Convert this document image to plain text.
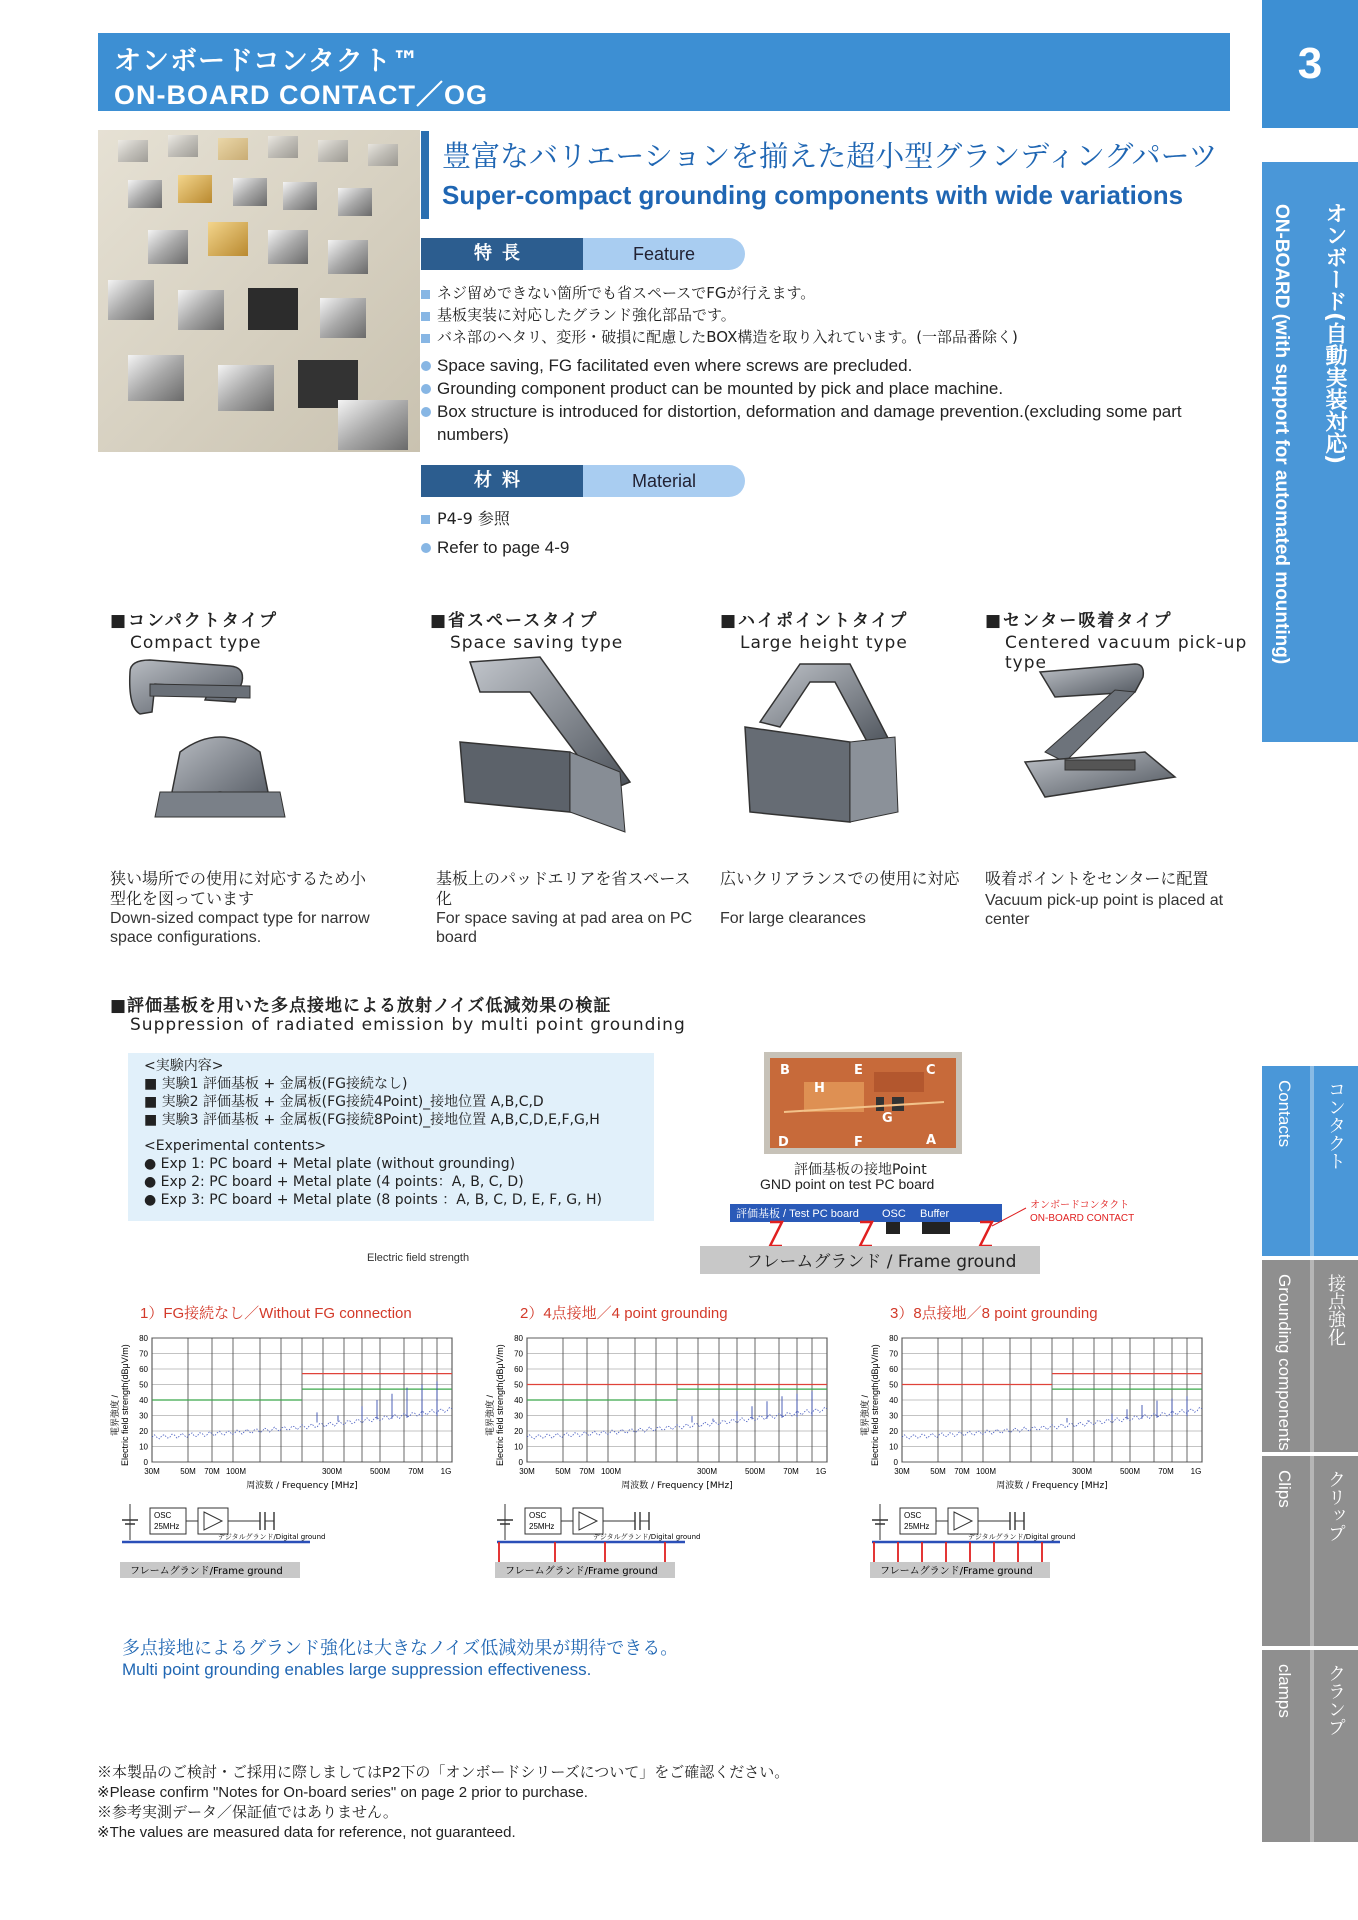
オンボードコンタクト™
ON-BOARD CONTACT／OG
3
オンボード(自動実装対応)
ON-BOARD (with support for automated mounting)
Contacts コンタクト
Grounding components 接点強化
Clips クリップ
clamps クランプ
豊富なバリエーションを揃えた超小型グランディングパーツ
Super-compact grounding components with wide variations
特長	Feature
ネジ留めできない箇所でも省スペースでFGが行えます。
基板実装に対応したグランド強化部品です。
バネ部のヘタリ、変形・破損に配慮したBOX構造を取り入れています。(一部品番除く)
Space saving, FG facilitated even where screws are precluded.
Grounding component product can be mounted by pick and place machine.
Box structure is introduced for distortion, deformation and damage prevention.(excluding some part numbers)
材料	Material
P4-9 参照
Refer to page 4-9
■コンパクトタイプ
Compact type
狭い場所での使用に対応するため小型化を図っています
Down-sized compact type for narrow space configurations.
■省スペースタイプ
Space saving type
基板上のパッドエリアを省スペース化
For space saving at pad area on PC board
■ハイポイントタイプ
Large height type
広いクリアランスでの使用に対応
For large clearances
■センター吸着タイプ
Centered vacuum pick-up type
吸着ポイントをセンターに配置
Vacuum pick-up point is placed at center
■評価基板を用いた多点接地による放射ノイズ低減効果の検証
Suppression of radiated emission by multi point grounding
<実験内容>
■ 実験1 評価基板 + 金属板(FG接続なし)
■ 実験2 評価基板 + 金属板(FG接続4Point)_接地位置 A,B,C,D
■ 実験3 評価基板 + 金属板(FG接続8Point)_接地位置 A,B,C,D,E,F,G,H
<Experimental contents>
● Exp 1: PC board + Metal plate (without grounding)
● Exp 2: PC board + Metal plate (4 points：A, B, C, D)
● Exp 3: PC board + Metal plate (8 points ：A, B, C, D, E, F, G, H)
B	E	C
H
G
D	F	A
評価基板の接地Point
GND point on test PC board
評価基板 / Test PC board OSC Buffer
オンボードコンタクト
ON-BOARD CONTACT
フレームグランド / Frame ground
Electric field strength
1）FG接続なし／Without FG connection	2）4点接地／4 point grounding	3）8点接地／8 point grounding
電界強度 / Electric field strength(dBμV/m) 0
10
20
30
40
50
60
70
80
30M	50M 70M 100M	300M	500M 70M 1G
周波数 / Frequency [MHz]
OSC
25MHz
デジタルグランド/Digital ground
フレームグランド/Frame ground
電界強度 / Electric field strength(dBμV/m) 0
10
20
30
40
50
60
70
80
30M	50M 70M 100M	300M	500M 70M 1G
周波数 / Frequency [MHz]
OSC
25MHz
デジタルグランド/Digital ground
フレームグランド/Frame ground
電界強度 / Electric field strength(dBμV/m) 0
10
20
30
40
50
60
70
80
30M	50M 70M 100M	300M	500M 70M 1G
周波数 / Frequency [MHz]
OSC
25MHz
デジタルグランド/Digital ground
フレームグランド/Frame ground
多点接地によるグランド強化は大きなノイズ低減効果が期待できる。
Multi point grounding enables large suppression effectiveness.
※本製品のご検討・ご採用に際しましてはP2下の「オンボードシリーズについて」をご確認ください。
※Please confirm "Notes for On-board series" on page 2 prior to purchase.
※参考実測データ／保証値ではありません。
※The values are measured data for reference, not guaranteed.
